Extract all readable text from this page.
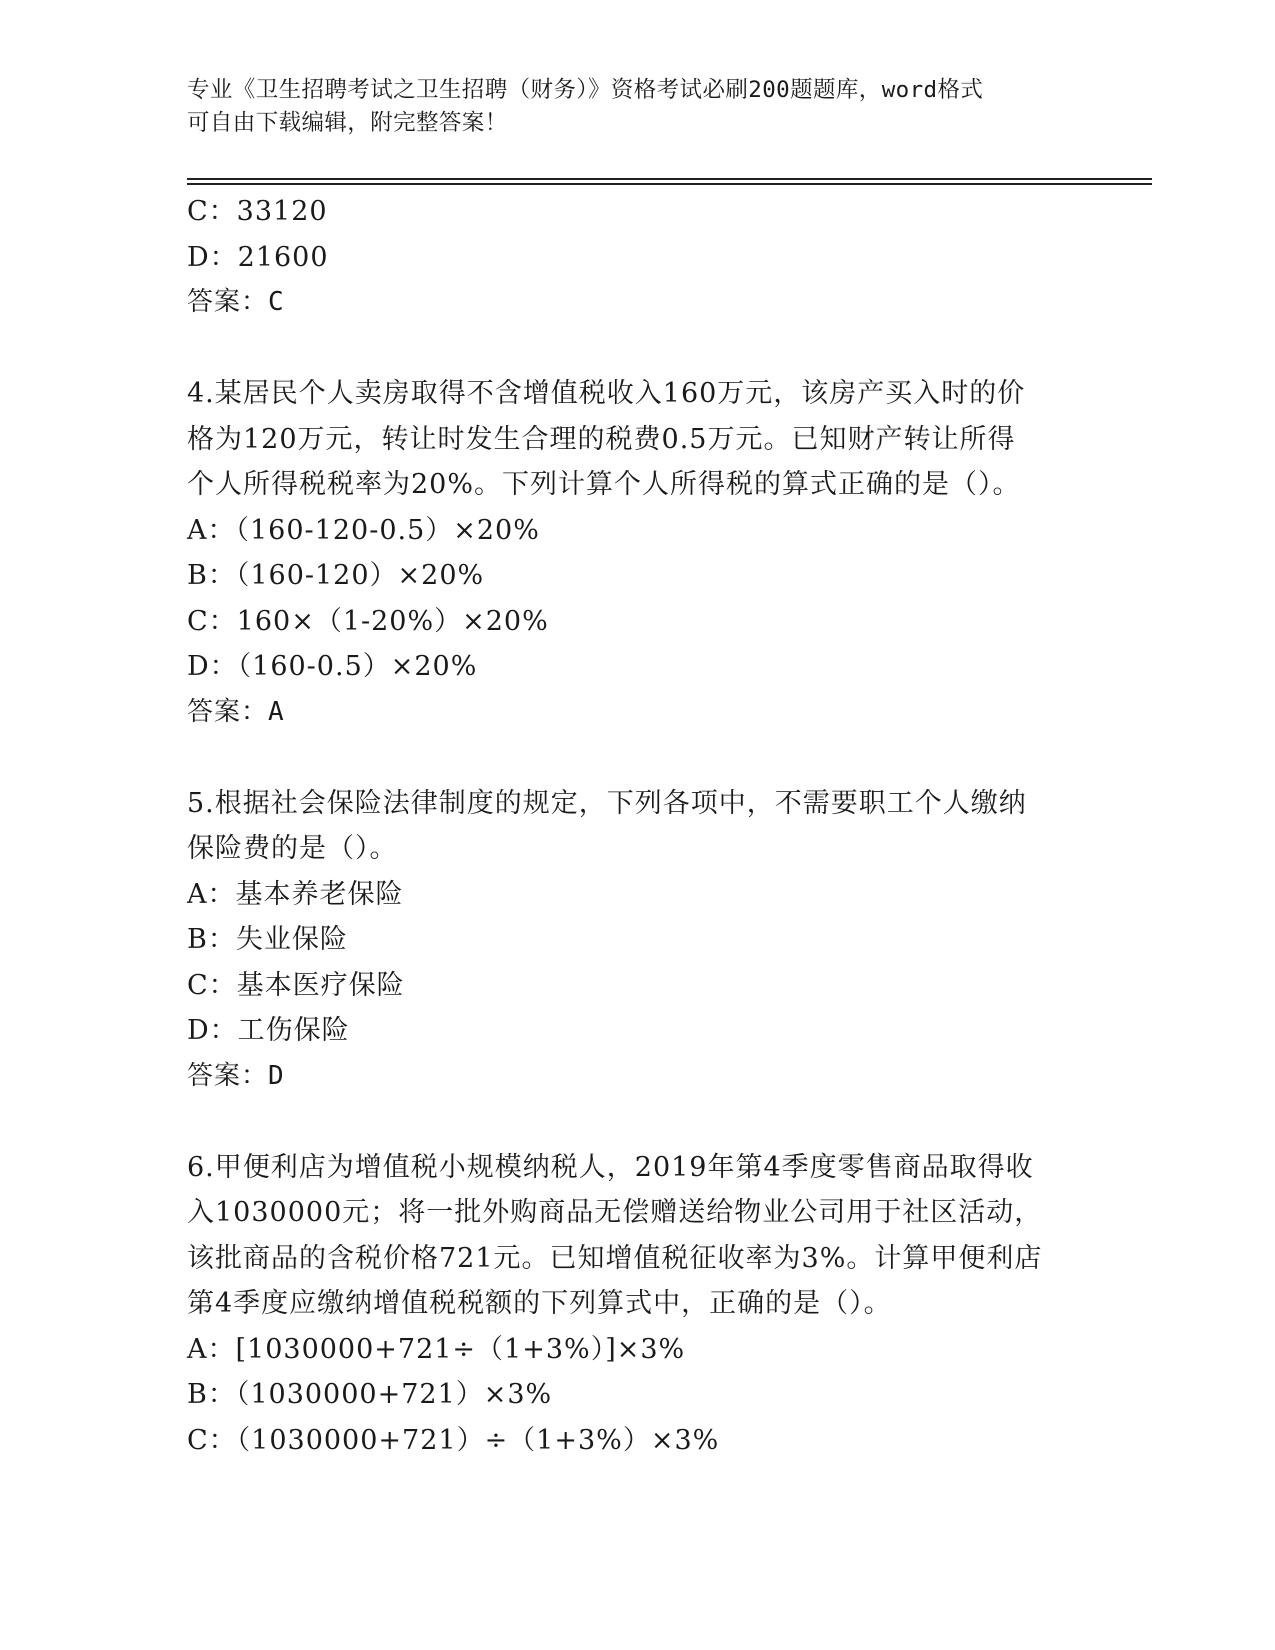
专业《卫生招聘考试之卫生招聘（财务）》资格考试必刷200题题库，word格式
可自由下载编辑，附完整答案！
C：33120
D：21600
答案：C
4.某居民个人卖房取得不含增值税收入160万元，该房产买入时的价
格为120万元，转让时发生合理的税费0.5万元。已知财产转让所得
个人所得税税率为20%。下列计算个人所得税的算式正确的是（）。
A：（160-120-0.5）×20%
B：（160-120）×20%
C：160×（1-20%）×20%
D：（160-0.5）×20%
答案：A
5.根据社会保险法律制度的规定，下列各项中，不需要职工个人缴纳
保险费的是（）。
A：基本养老保险
B：失业保险
C：基本医疗保险
D：工伤保险
答案：D
6.甲便利店为增值税小规模纳税人，2019年第4季度零售商品取得收
入1030000元；将一批外购商品无偿赠送给物业公司用于社区活动，
该批商品的含税价格721元。已知增值税征收率为3%。计算甲便利店
第4季度应缴纳增值税税额的下列算式中，正确的是（）。
A：[1030000+721÷（1+3%）]×3%
B：（1030000+721）×3%
C：（1030000+721）÷（1+3%）×3%
